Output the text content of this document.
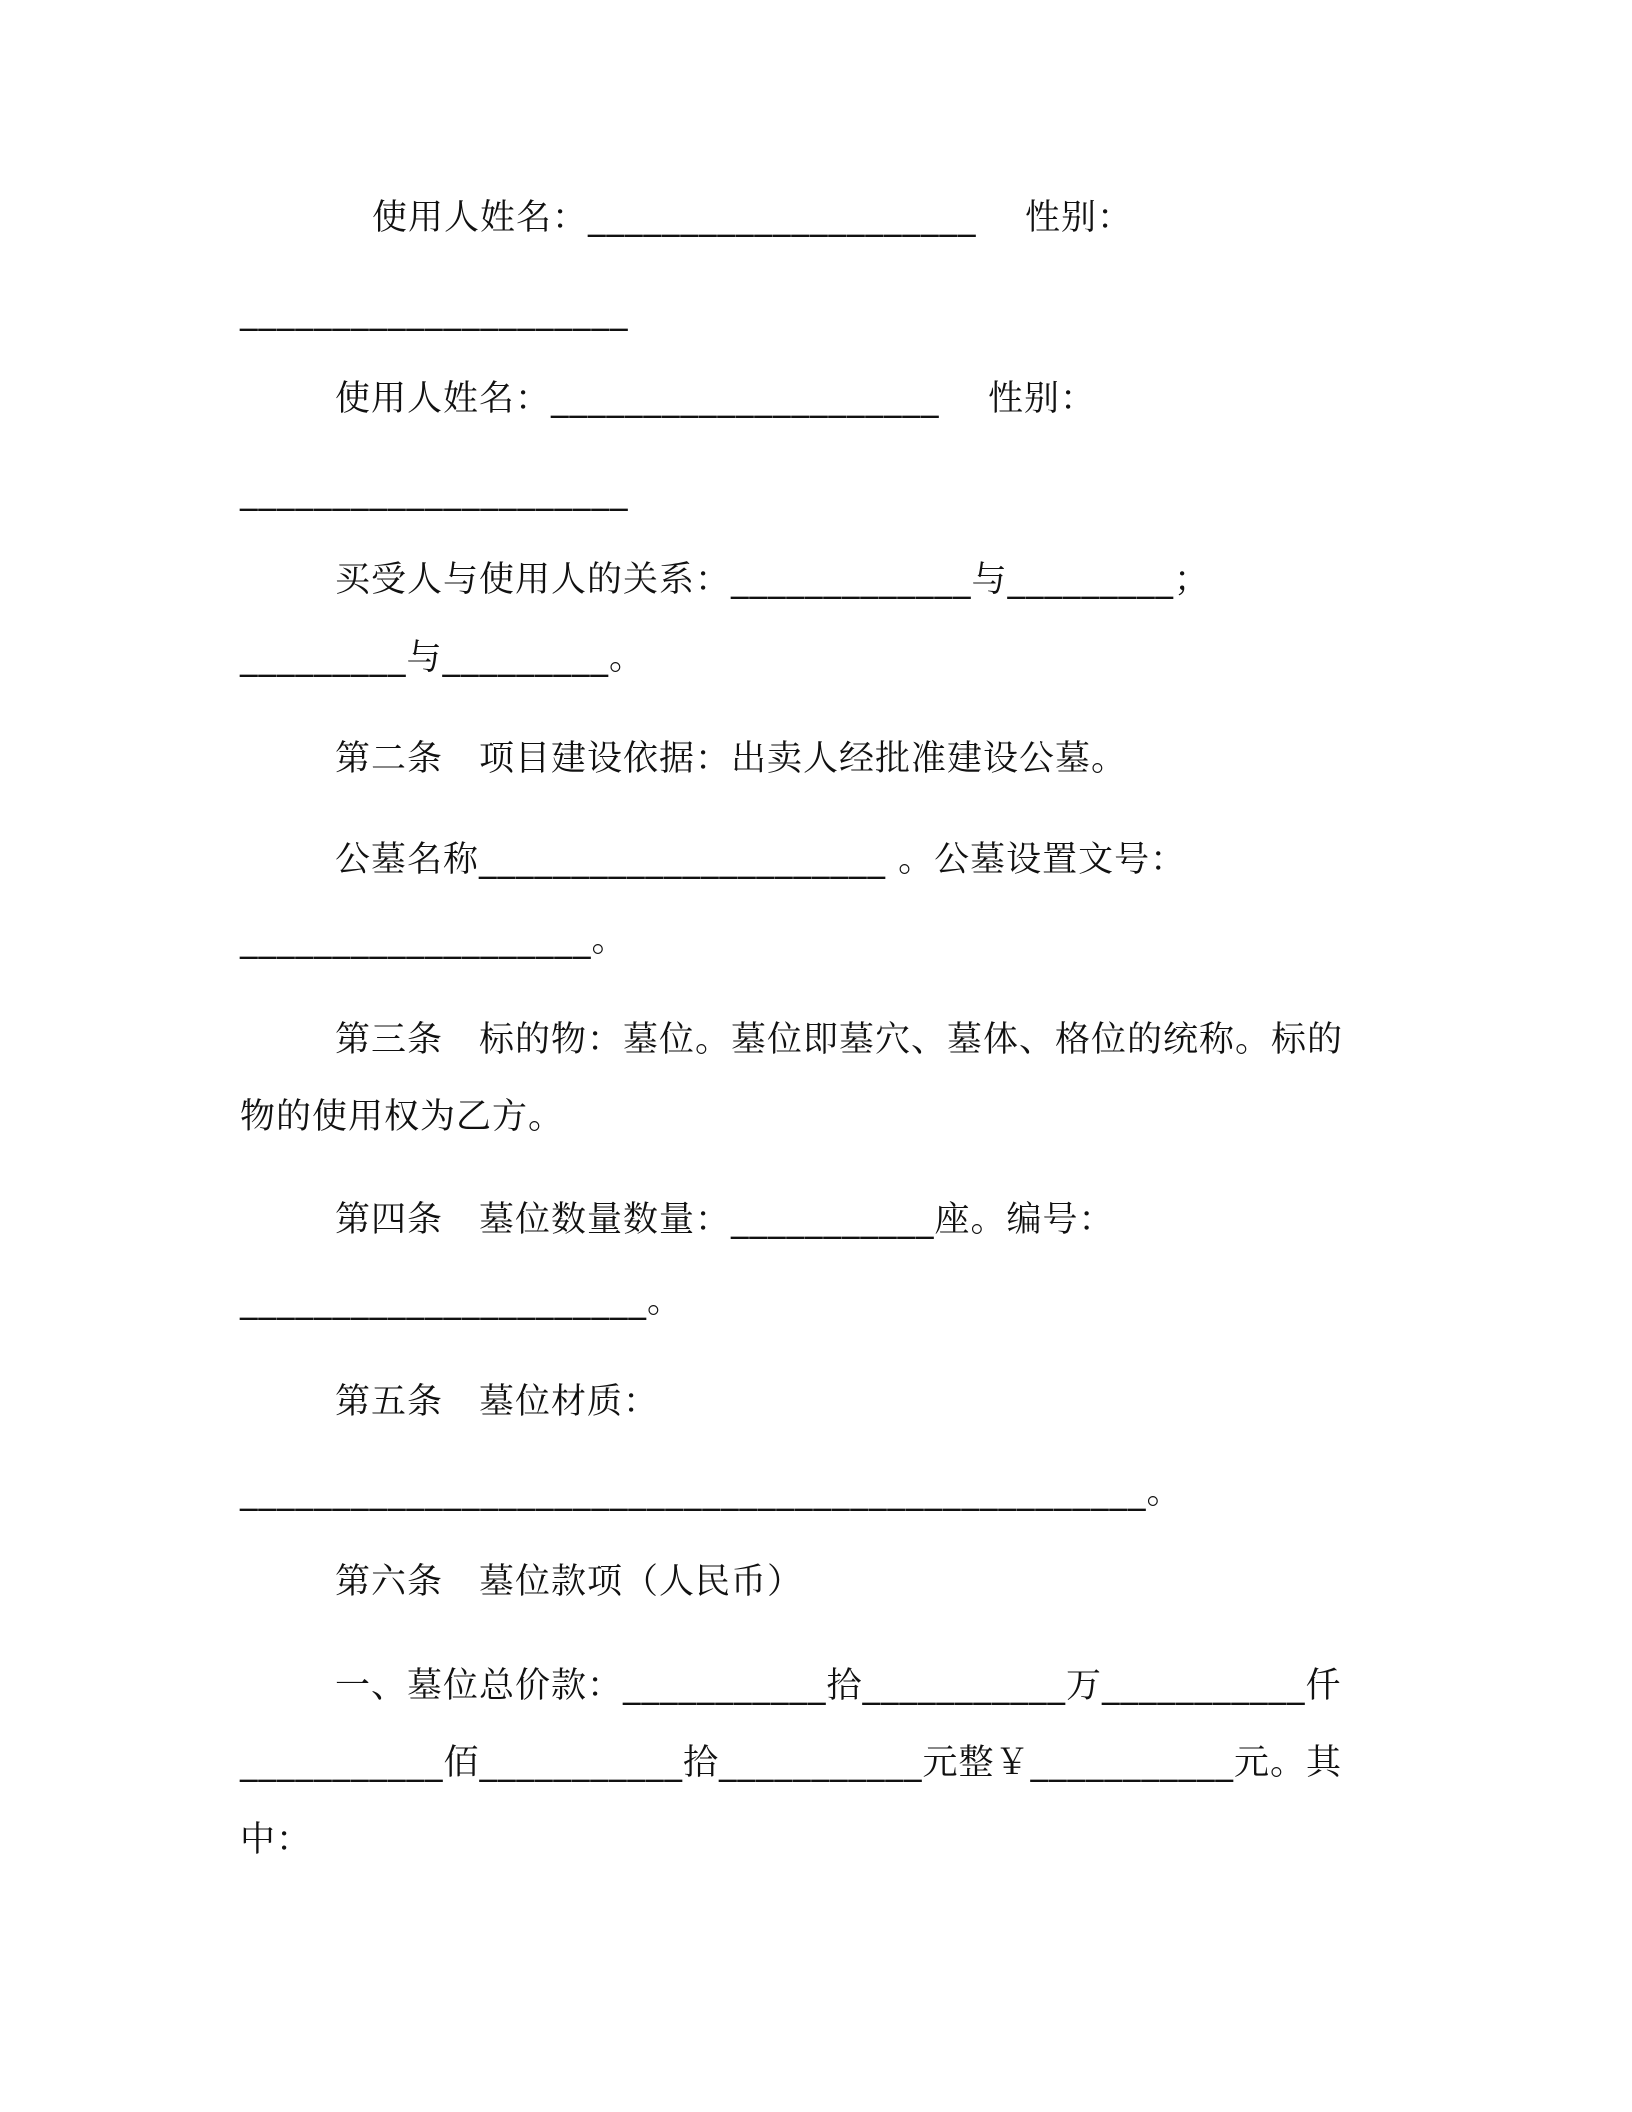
使用人姓名：_____________________    性别：
_____________________
使用人姓名：_____________________    性别：
_____________________
买受人与使用人的关系：_____________与_________；
_________与_________。
第二条　项目建设依据：出卖人经批准建设公墓。
公墓名称______________________ 。公墓设置文号：
___________________。
第三条　标的物：墓位。墓位即墓穴、墓体、格位的统称。标的
物的使用权为乙方。
第四条　墓位数量数量：___________座。编号：
______________________。
第五条　墓位材质：
_________________________________________________。
第六条　墓位款项（人民币）
一、墓位总价款：___________拾___________万___________仟
___________佰___________拾___________元整￥___________元。其
中：
